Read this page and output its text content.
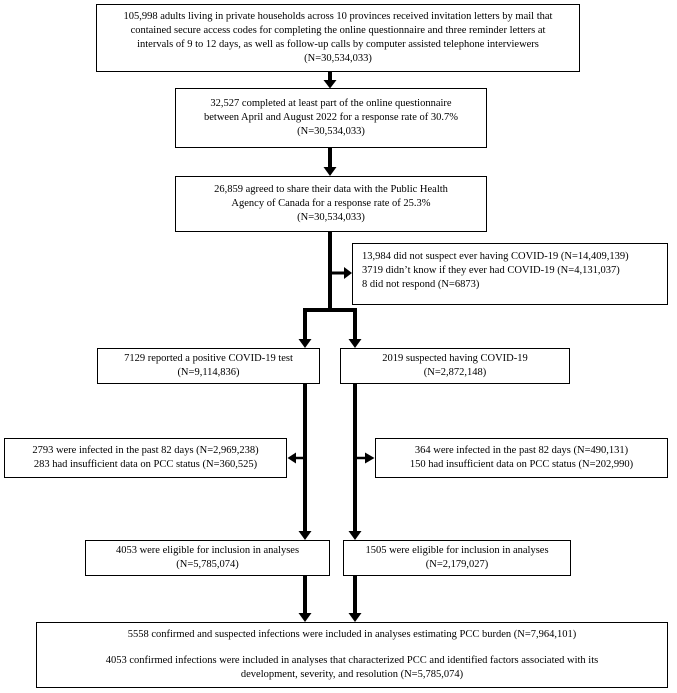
105,998 adults living in private households across 10 provinces received invitation letters by mail that
contained secure access codes for completing the online questionnaire and three reminder letters at
intervals of 9 to 12 days, as well as follow-up calls by computer assisted telephone interviewers
(N=30,534,033)
32,527 completed at least part of the online questionnaire
between April and August 2022 for a response rate of 30.7%
(N=30,534,033)
26,859 agreed to share their data with the Public Health
Agency of Canada for a response rate of 25.3%
(N=30,534,033)
13,984 did not suspect ever having COVID-19 (N=14,409,139)
3719 didn’t know if they ever had COVID-19 (N=4,131,037)
8 did not respond (N=6873)
7129 reported a positive COVID-19 test
(N=9,114,836)
2019 suspected having COVID-19
(N=2,872,148)
2793 were infected in the past 82 days (N=2,969,238)
283 had insufficient data on PCC status (N=360,525)
364 were infected in the past 82 days (N=490,131)
150 had insufficient data on PCC status (N=202,990)
4053 were eligible for inclusion in analyses
(N=5,785,074)
1505 were eligible for inclusion in analyses
(N=2,179,027)
5558 confirmed and suspected infections were included in analyses estimating PCC burden (N=7,964,101)
4053 confirmed infections were included in analyses that characterized PCC and identified factors associated with its
development, severity, and resolution (N=5,785,074)
